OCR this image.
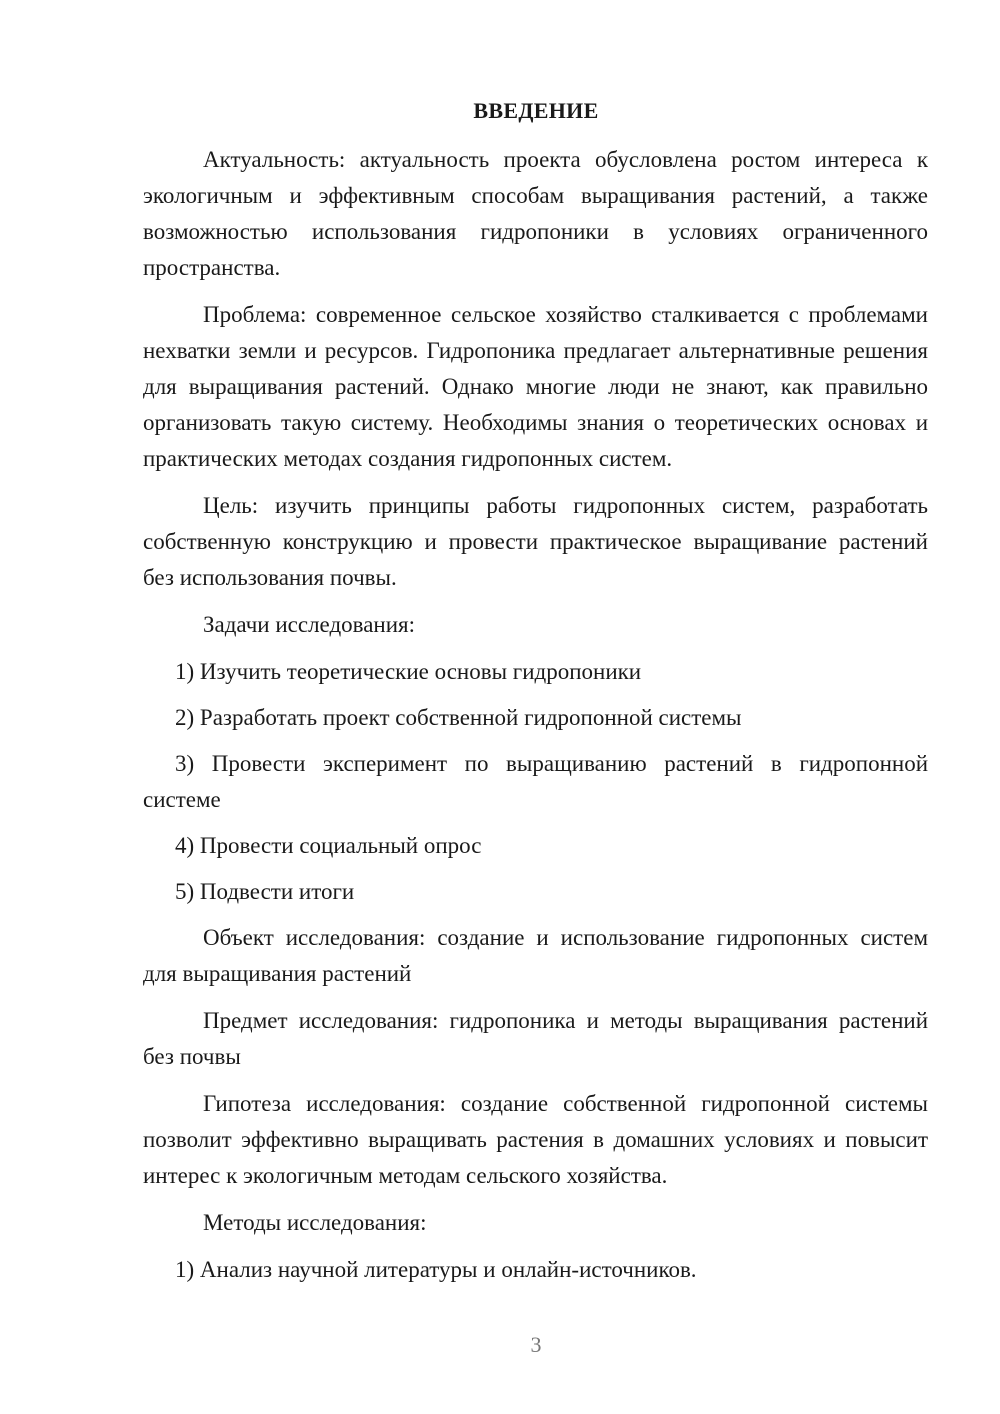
ВВЕДЕНИЕ

Актуальность: актуальность проекта обусловлена ростом интереса к экологичным и эффективным способам выращивания растений, а также возможностью использования гидропоники в условиях ограниченного пространства.

Проблема: современное сельское хозяйство сталкивается с проблемами нехватки земли и ресурсов. Гидропоника предлагает альтернативные решения для выращивания растений. Однако многие люди не знают, как правильно организовать такую систему. Необходимы знания о теоретических основах и практических методах создания гидропонных систем.

Цель: изучить принципы работы гидропонных систем, разработать собственную конструкцию и провести практическое выращивание растений без использования почвы.

Задачи исследования:

1) Изучить теоретические основы гидропоники

2) Разработать проект собственной гидропонной системы

3) Провести эксперимент по выращиванию растений в гидропонной системе

4) Провести социальный опрос

5) Подвести итоги

Объект исследования: создание и использование гидропонных систем для выращивания растений

Предмет исследования: гидропоника и методы выращивания растений без почвы

Гипотеза исследования: создание собственной гидропонной системы позволит эффективно выращивать растения в домашних условиях и повысит интерес к экологичным методам сельского хозяйства.

Методы исследования:

1) Анализ научной литературы и онлайн-источников.

3
